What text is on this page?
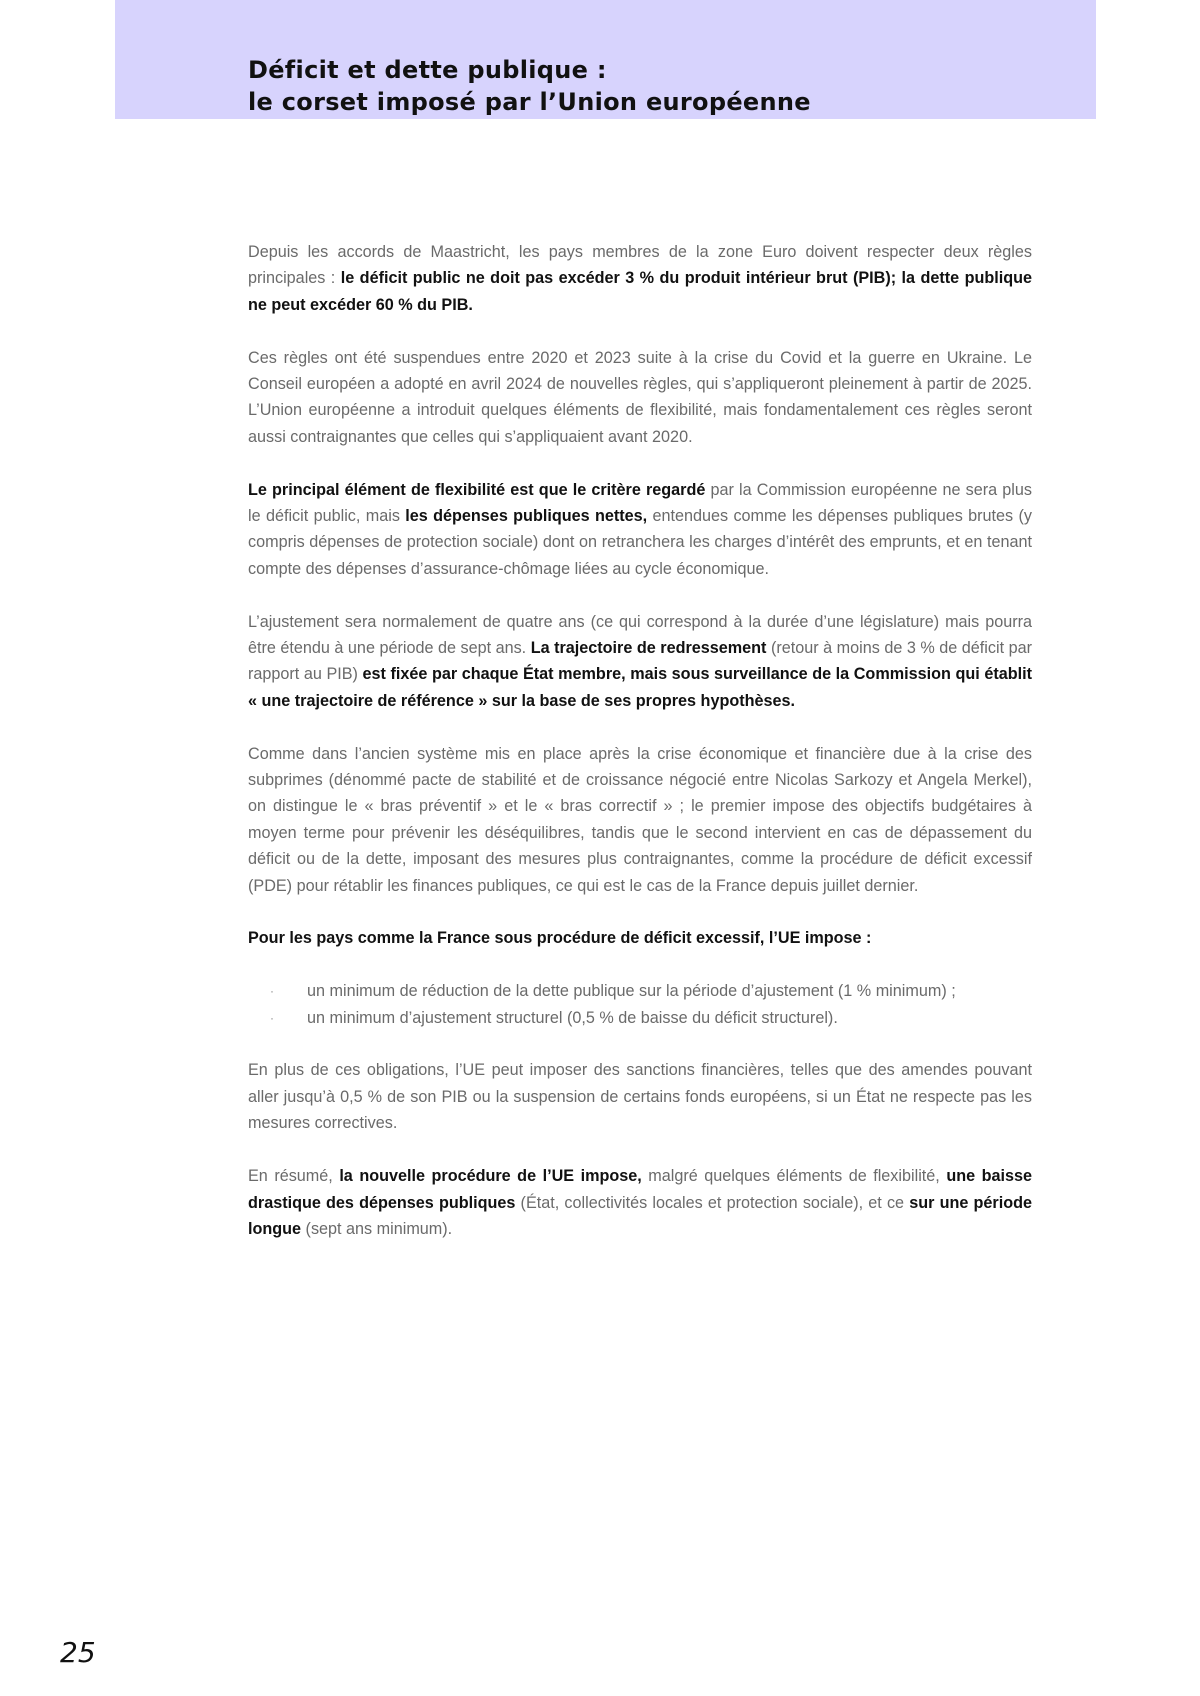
Déficit et dette publique :
le corset imposé par l’Union européenne

Depuis les accords de Maastricht, les pays membres de la zone Euro doivent respecter deux règles principales : le déficit public ne doit pas excéder 3 % du produit intérieur brut (PIB); la dette publique ne peut excéder 60 % du PIB.

Ces règles ont été suspendues entre 2020 et 2023 suite à la crise du Covid et la guerre en Ukraine. Le Conseil européen a adopté en avril 2024 de nouvelles règles, qui s’appliqueront pleinement à partir de 2025. L’Union européenne a introduit quelques éléments de flexibilité, mais fondamentalement ces règles seront aussi contraignantes que celles qui s’appliquaient avant 2020.

Le principal élément de flexibilité est que le critère regardé par la Commission européenne ne sera plus le déficit public, mais les dépenses publiques nettes, entendues comme les dépenses publiques brutes (y compris dépenses de protection sociale) dont on retranchera les charges d’intérêt des emprunts, et en tenant compte des dépenses d’assurance-chômage liées au cycle économique.

L’ajustement sera normalement de quatre ans (ce qui correspond à la durée d’une législature) mais pourra être étendu à une période de sept ans. La trajectoire de redressement (retour à moins de 3 % de déficit par rapport au PIB) est fixée par chaque État membre, mais sous surveillance de la Commission qui établit « une trajectoire de référence » sur la base de ses propres hypothèses.

Comme dans l’ancien système mis en place après la crise économique et financière due à la crise des subprimes (dénommé pacte de stabilité et de croissance négocié entre Nicolas Sarkozy et Angela Merkel), on distingue le « bras préventif » et le « bras correctif » ; le premier impose des objectifs budgétaires à moyen terme pour prévenir les déséquilibres, tandis que le second intervient en cas de dépassement du déficit ou de la dette, imposant des mesures plus contraignantes, comme la procédure de déficit excessif (PDE) pour rétablir les finances publiques, ce qui est le cas de la France depuis juillet dernier.

Pour les pays comme la France sous procédure de déficit excessif, l’UE impose :

· un minimum de réduction de la dette publique sur la période d’ajustement (1 % minimum) ;
· un minimum d’ajustement structurel (0,5 % de baisse du déficit structurel).

En plus de ces obligations, l’UE peut imposer des sanctions financières, telles que des amendes pouvant aller jusqu’à 0,5 % de son PIB ou la suspension de certains fonds européens, si un État ne respecte pas les mesures correctives.

En résumé, la nouvelle procédure de l’UE impose, malgré quelques éléments de flexibilité, une baisse drastique des dépenses publiques (État, collectivités locales et protection sociale), et ce sur une période longue (sept ans minimum).

25
